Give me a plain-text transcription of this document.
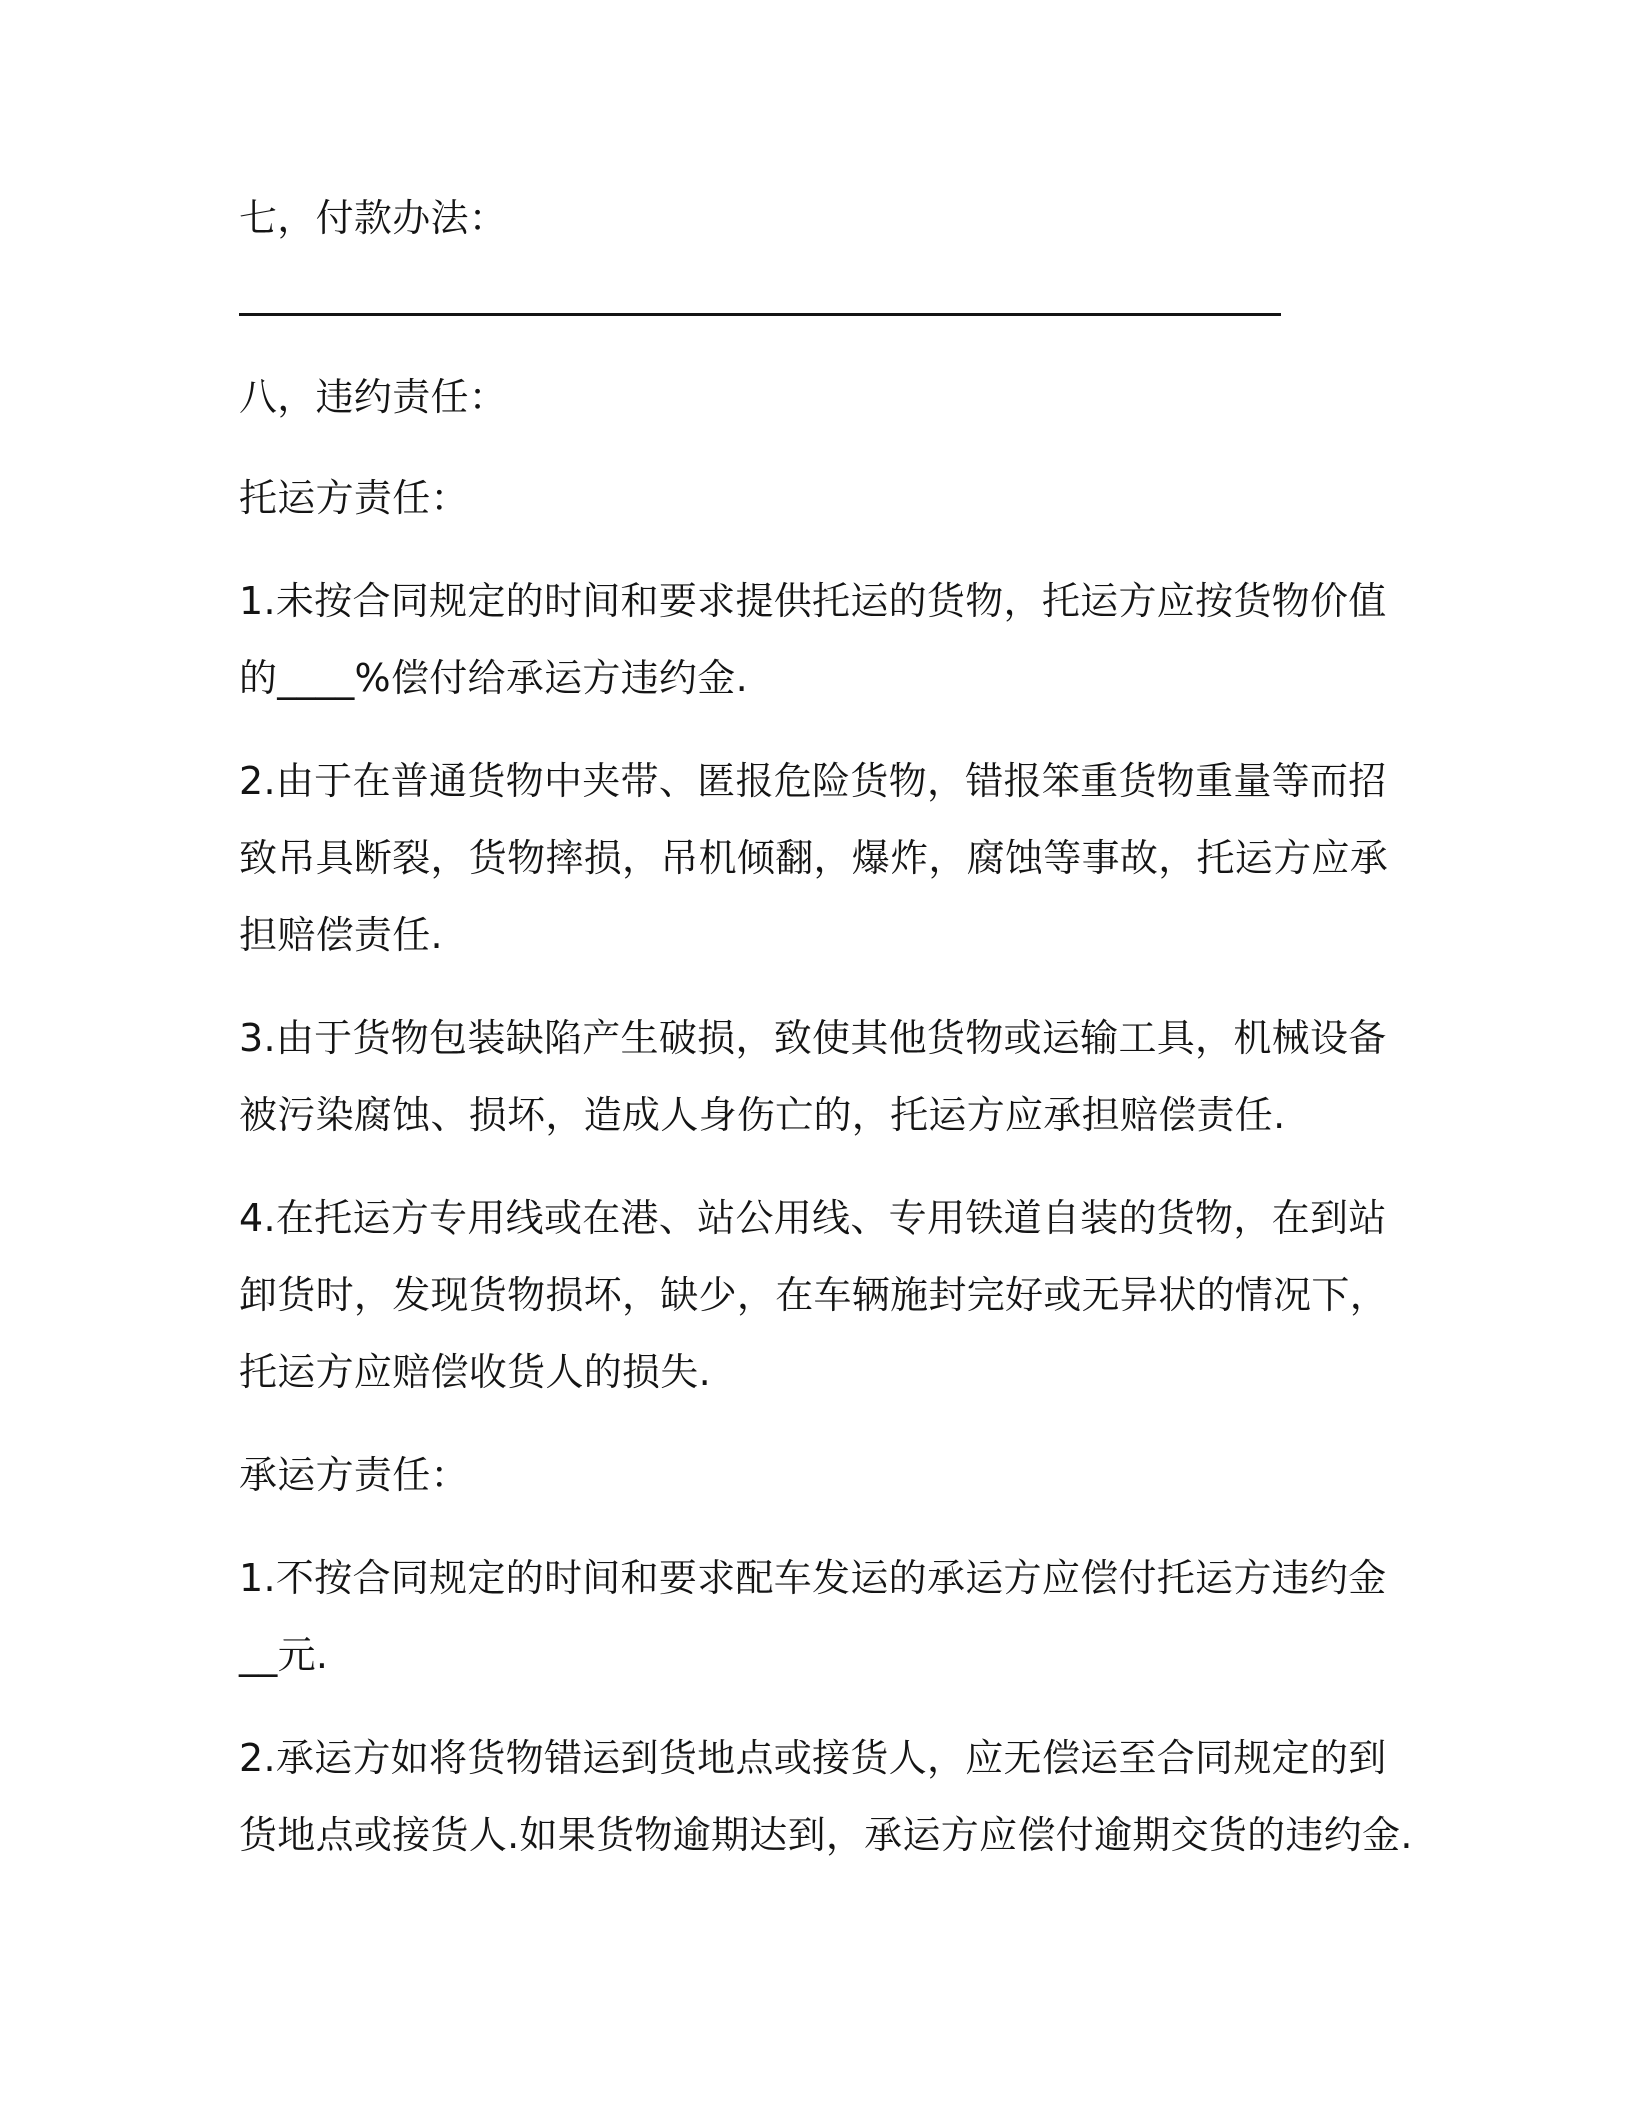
七，付款办法：
八，违约责任：
托运方责任：
1.未按合同规定的时间和要求提供托运的货物，托运方应按货物价值
的____%偿付给承运方违约金.
2.由于在普通货物中夹带、匿报危险货物，错报笨重货物重量等而招
致吊具断裂，货物摔损，吊机倾翻，爆炸，腐蚀等事故，托运方应承
担赔偿责任.
3.由于货物包装缺陷产生破损，致使其他货物或运输工具，机械设备
被污染腐蚀、损坏，造成人身伤亡的，托运方应承担赔偿责任.
4.在托运方专用线或在港、站公用线、专用铁道自装的货物，在到站
卸货时，发现货物损坏，缺少，在车辆施封完好或无异状的情况下，
托运方应赔偿收货人的损失.
承运方责任：
1.不按合同规定的时间和要求配车发运的承运方应偿付托运方违约金
__元.
2.承运方如将货物错运到货地点或接货人，应无偿运至合同规定的到
货地点或接货人.如果货物逾期达到，承运方应偿付逾期交货的违约金.
